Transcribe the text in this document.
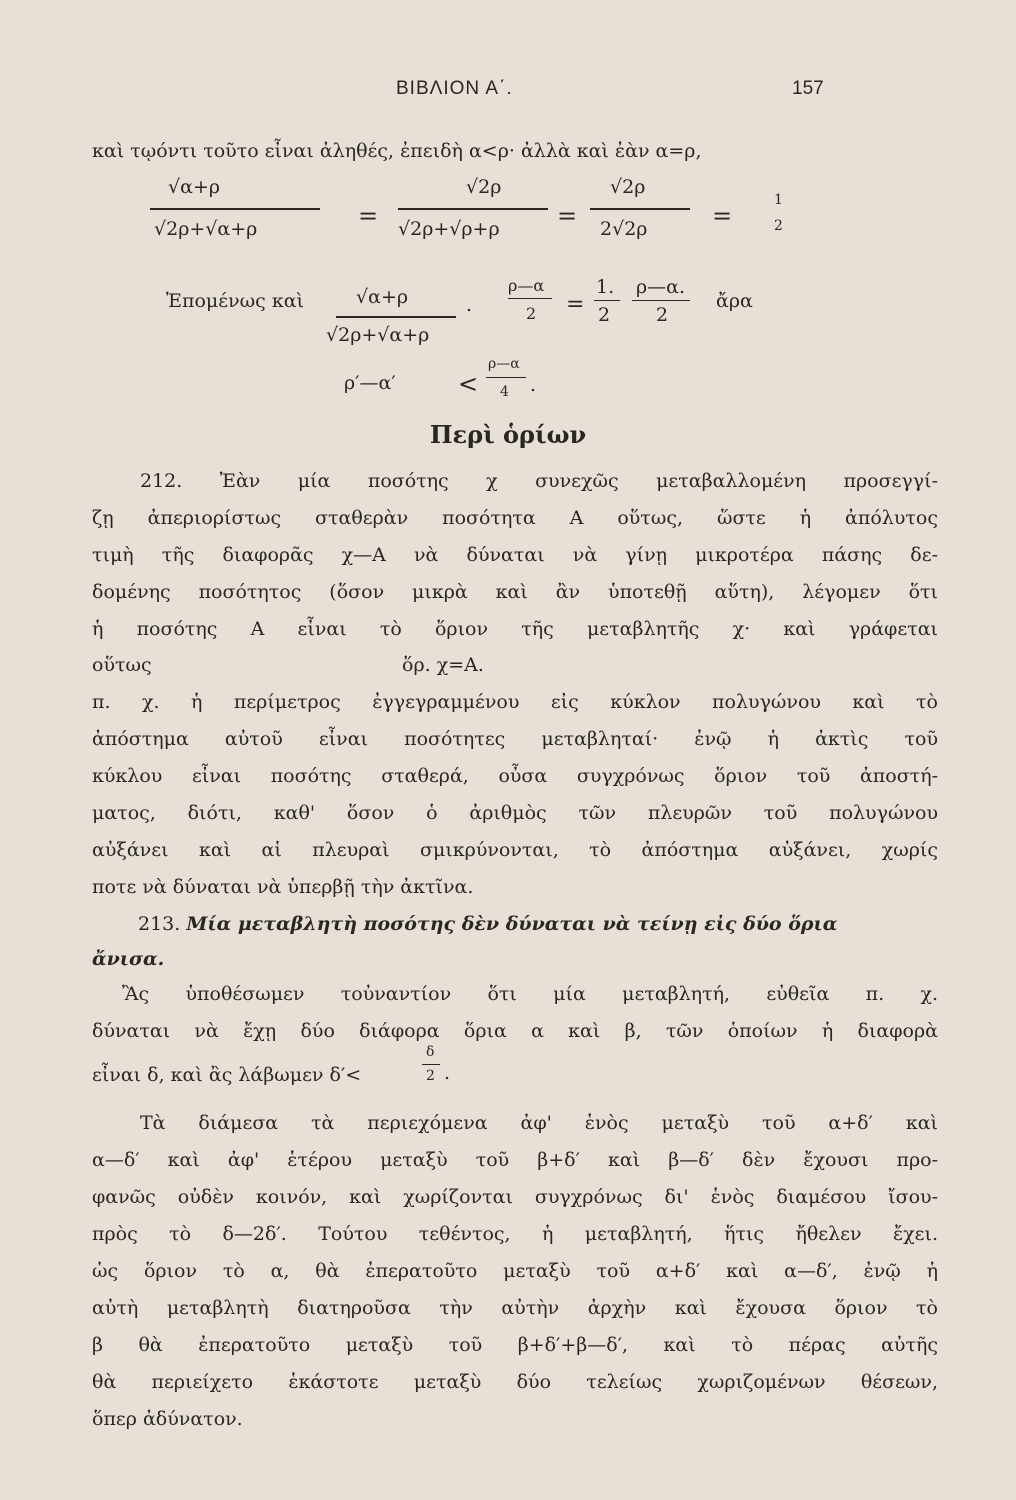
ΒΙΒΛΙΟΝ Α΄.	157
καὶ τῳόντι τοῦτο εἶναι ἀληθές, ἐπειδὴ α<ρ· ἀλλὰ καὶ ἐὰν α=ρ,
√α+ρ
√2ρ+√α+ρ	=
√2ρ
√2ρ+√ρ+ρ =
√2ρ
2√2ρ	=
1
2
Ἑπομένως καὶ	√α+ρ
√2ρ+√α+ρ
.
ρ—α
2 =
1.
2
ρ—α.
2
ἄρα
ρ′—α′	<
ρ—α
4 .
Περὶ ὁρίων
212. Ἐὰν μία ποσότης χ συνεχῶς μεταβαλλομένη προσεγγί-
ζῃ ἀπεριορίστως σταθερὰν ποσότητα Α οὕτως, ὥστε ἡ ἀπόλυτος
τιμὴ τῆς διαφορᾶς χ—Α νὰ δύναται νὰ γίνῃ μικροτέρα πάσης δε-
δομένης ποσότητος (ὅσον μικρὰ καὶ ἂν ὑποτεθῇ αὕτη), λέγομεν ὅτι
ἡ ποσότης Α εἶναι τὸ ὅριον τῆς μεταβλητῆς χ· καὶ γράφεται
οὕτως	ὅρ. χ=Α.
π. χ. ἡ περίμετρος ἐγγεγραμμένου εἰς κύκλον πολυγώνου καὶ τὸ
ἀπόστημα αὐτοῦ εἶναι ποσότητες μεταβληταί· ἐνῷ ἡ ἀκτὶς τοῦ
κύκλου εἶναι ποσότης σταθερά, οὖσα συγχρόνως ὅριον τοῦ ἀποστή-
ματος, διότι, καθ' ὅσον ὁ ἀριθμὸς τῶν πλευρῶν τοῦ πολυγώνου
αὐξάνει καὶ αἱ πλευραὶ σμικρύνονται, τὸ ἀπόστημα αὐξάνει, χωρίς
ποτε νὰ δύναται νὰ ὑπερβῇ τὴν ἀκτῖνα.
213. Μία μεταβλητὴ ποσότης δὲν δύναται νὰ τείνῃ εἰς δύο ὅρια
ἄνισα.
Ἂς ὑποθέσωμεν τοὐναντίον ὅτι μία μεταβλητή, εὐθεῖα π. χ.
δύναται νὰ ἔχῃ δύο διάφορα ὅρια α καὶ β, τῶν ὁποίων ἡ διαφορὰ
εἶναι δ, καὶ ἂς λάβωμεν δ′<
δ
2 .
Τὰ διάμεσα τὰ περιεχόμενα ἀφ' ἑνὸς μεταξὺ τοῦ α+δ′ καὶ
α—δ′ καὶ ἀφ' ἑτέρου μεταξὺ τοῦ β+δ′ καὶ β—δ′ δὲν ἔχουσι προ-
φανῶς οὐδὲν κοινόν, καὶ χωρίζονται συγχρόνως δι' ἑνὸς διαμέσου ἴσου-
πρὸς τὸ δ—2δ′. Τούτου τεθέντος, ἡ μεταβλητή, ἥτις ἤθελεν ἔχει.
ὡς ὅριον τὸ α, θὰ ἐπερατοῦτο μεταξὺ τοῦ α+δ′ καὶ α—δ′, ἐνῷ ἡ
αὐτὴ μεταβλητὴ διατηροῦσα τὴν αὐτὴν ἀρχὴν καὶ ἔχουσα ὅριον τὸ
β θὰ ἐπερατοῦτο μεταξὺ τοῦ β+δ′+β—δ′, καὶ τὸ πέρας αὐτῆς
θὰ περιείχετο ἑκάστοτε μεταξὺ δύο τελείως χωριζομένων θέσεων,
ὅπερ ἀδύνατον.
